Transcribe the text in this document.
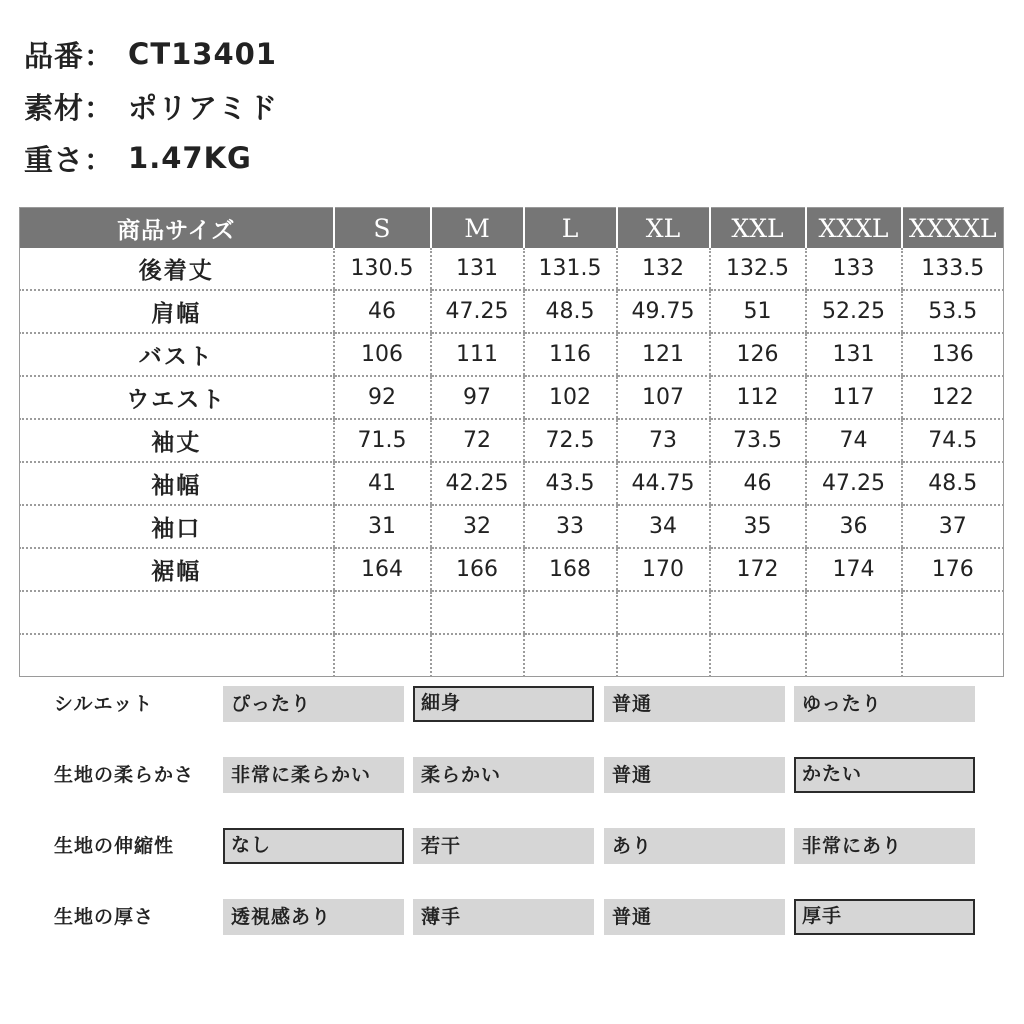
品番 ： CT13401
素材 ： ポリアミド
重さ ： 1.47KG
商品サイズ	S	M	L	XL	XXL	XXXL	XXXXL
後着丈	130.5	131	131.5	132	132.5	133	133.5
肩幅	46	47.25	48.5	49.75	51	52.25	53.5
バスト	106	111	116	121	126	131	136
ウエスト	92	97	102	107	112	117	122
袖丈	71.5	72	72.5	73	73.5	74	74.5
袖幅	41	42.25	43.5	44.75	46	47.25	48.5
袖口	31	32	33	34	35	36	37
裾幅	164	166	168	170	172	174	176

シルエット	ぴったり	細身	普通	ゆったり
生地の柔らかさ	非常に柔らかい	柔らかい	普通	かたい
生地の伸縮性	なし	若干	あり	非常にあり
生地の厚さ	透視感あり	薄手	普通	厚手
